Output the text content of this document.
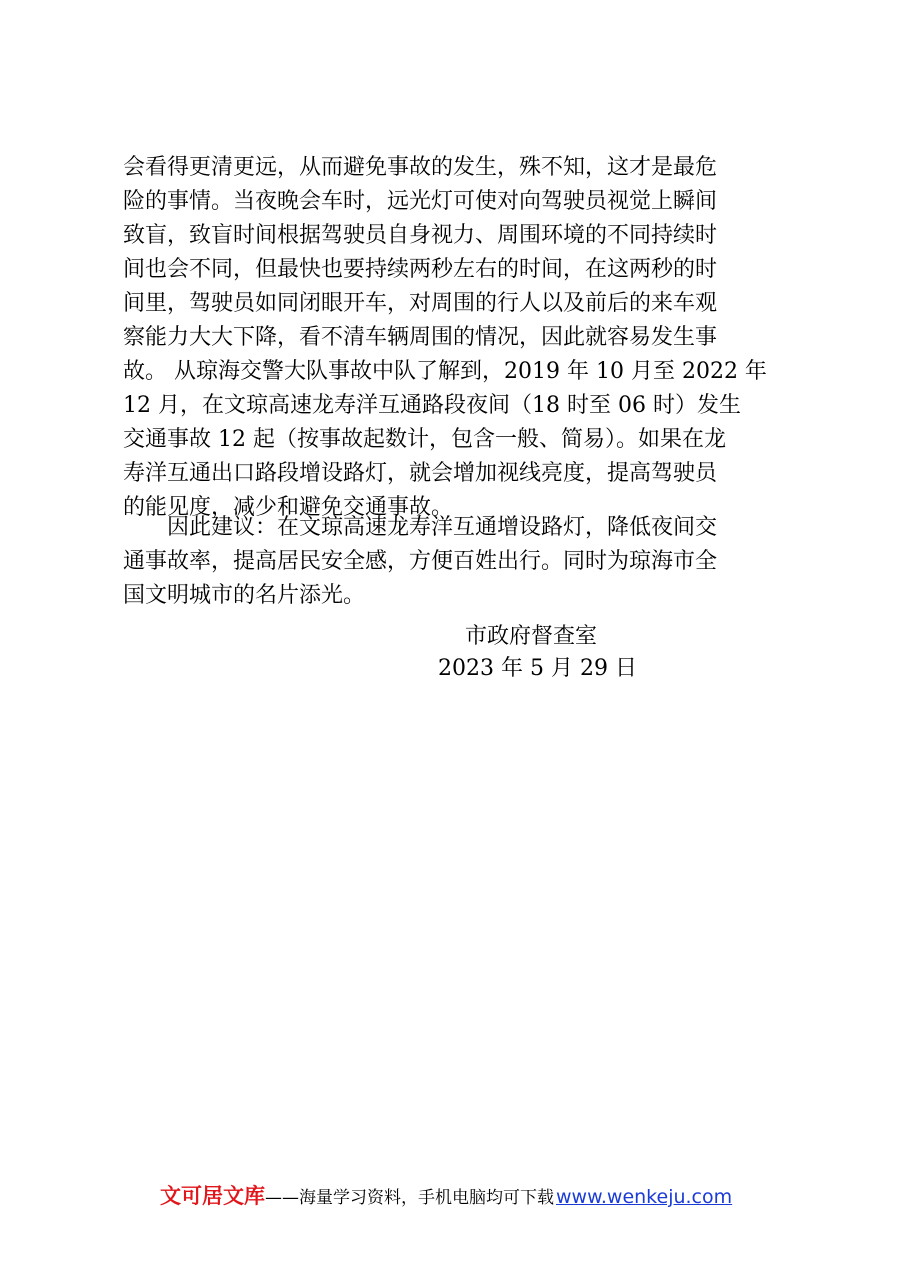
会看得更清更远，从而避免事故的发生，殊不知，这才是最危
险的事情。当夜晚会车时，远光灯可使对向驾驶员视觉上瞬间
致盲，致盲时间根据驾驶员自身视力、周围环境的不同持续时
间也会不同，但最快也要持续两秒左右的时间，在这两秒的时
间里，驾驶员如同闭眼开车，对周围的行人以及前后的来车观
察能力大大下降，看不清车辆周围的情况，因此就容易发生事
故。 从琼海交警大队事故中队了解到，2019 年 10 月至 2022 年
12 月，在文琼高速龙寿洋互通路段夜间（18 时至 06 时）发生
交通事故 12 起（按事故起数计，包含一般、简易）。如果在龙
寿洋互通出口路段增设路灯，就会增加视线亮度，提高驾驶员
的能见度，减少和避免交通事故。
因此建议：在文琼高速龙寿洋互通增设路灯，降低夜间交
通事故率，提高居民安全感，方便百姓出行。同时为琼海市全
国文明城市的名片添光。
市政府督查室
2023 年 5 月 29 日
文可居文库——海量学习资料，手机电脑均可下载 www.wenkeju.com
